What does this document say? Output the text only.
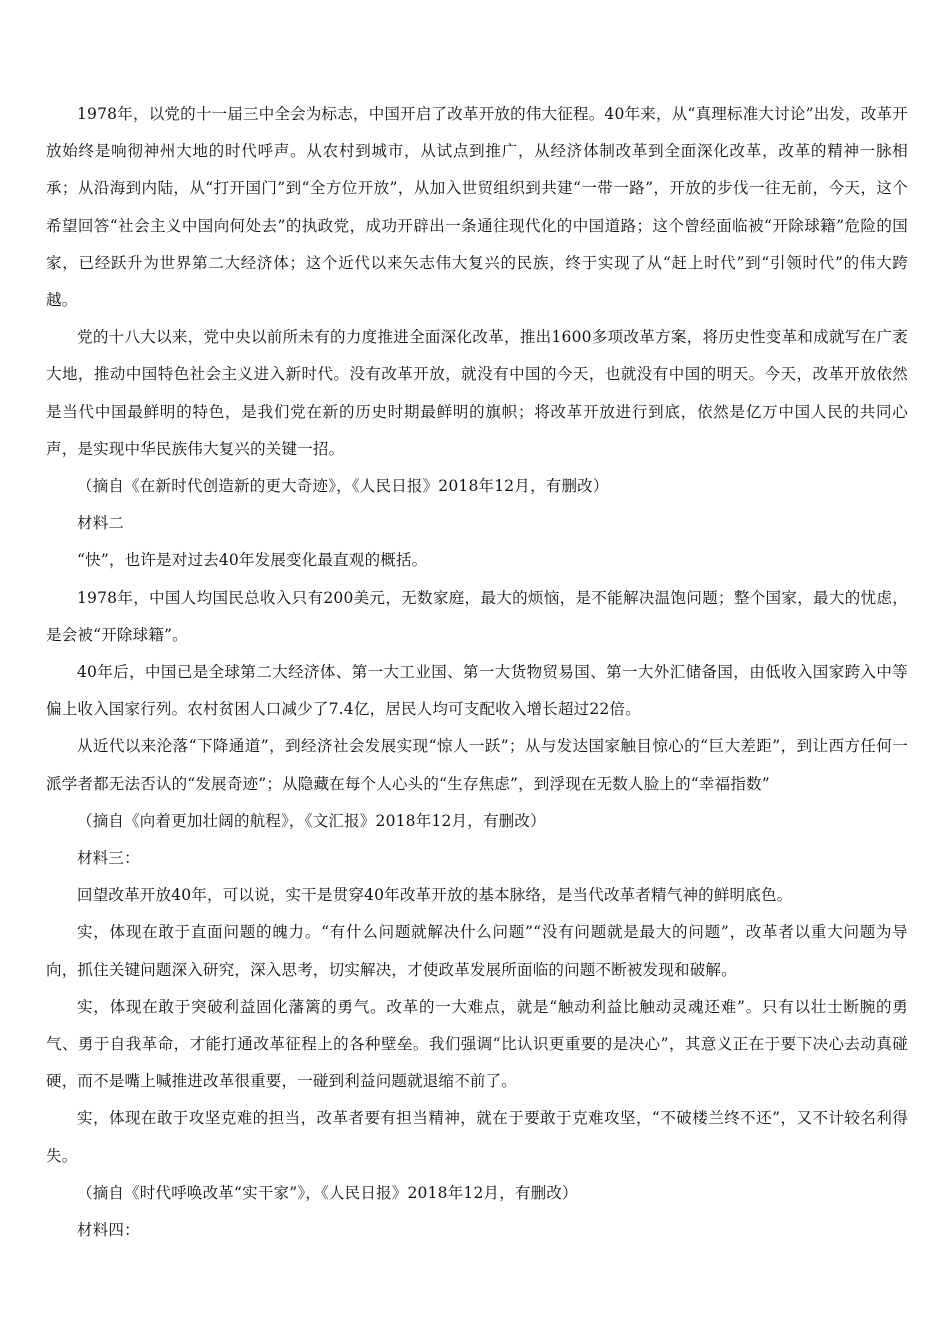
1978年，以党的十一届三中全会为标志，中国开启了改革开放的伟大征程。40年来，从“真理标准大讨论”出发，改革开放始终是响彻神州大地的时代呼声。从农村到城市，从试点到推广，从经济体制改革到全面深化改革，改革的精神一脉相承；从沿海到内陆，从“打开国门”到“全方位开放”，从加入世贸组织到共建“一带一路”，开放的步伐一往无前，今天，这个希望回答“社会主义中国向何处去”的执政党，成功开辟出一条通往现代化的中国道路；这个曾经面临被“开除球籍”危险的国家，已经跃升为世界第二大经济体；这个近代以来矢志伟大复兴的民族，终于实现了从“赶上时代”到“引领时代”的伟大跨越。

党的十八大以来，党中央以前所未有的力度推进全面深化改革，推出1600多项改革方案，将历史性变革和成就写在广袤大地，推动中国特色社会主义进入新时代。没有改革开放，就没有中国的今天，也就没有中国的明天。今天，改革开放依然是当代中国最鲜明的特色，是我们党在新的历史时期最鲜明的旗帜；将改革开放进行到底，依然是亿万中国人民的共同心声，是实现中华民族伟大复兴的关键一招。

（摘自《在新时代创造新的更大奇迹》，《人民日报》2018年12月，有删改）

材料二

“快”，也许是对过去40年发展变化最直观的概括。

1978年，中国人均国民总收入只有200美元，无数家庭，最大的烦恼，是不能解决温饱问题；整个国家，最大的忧虑，是会被“开除球籍”。

40年后，中国已是全球第二大经济体、第一大工业国、第一大货物贸易国、第一大外汇储备国，由低收入国家跨入中等偏上收入国家行列。农村贫困人口减少了7.4亿，居民人均可支配收入增长超过22倍。

从近代以来沦落“下降通道”，到经济社会发展实现“惊人一跃”；从与发达国家触目惊心的“巨大差距”，到让西方任何一派学者都无法否认的“发展奇迹”；从隐藏在每个人心头的“生存焦虑”，到浮现在无数人脸上的“幸福指数”

（摘自《向着更加壮阔的航程》，《文汇报》2018年12月，有删改）

材料三：

回望改革开放40年，可以说，实干是贯穿40年改革开放的基本脉络，是当代改革者精气神的鲜明底色。

实，体现在敢于直面问题的魄力。“有什么问题就解决什么问题”“没有问题就是最大的问题”，改革者以重大问题为导向，抓住关键问题深入研究，深入思考，切实解决，才使政革发展所面临的问题不断被发现和破解。

实，体现在敢于突破利益固化藩篱的勇气。改革的一大难点，就是“触动利益比触动灵魂还难”。只有以壮士断腕的勇气、勇于自我革命，才能打通改革征程上的各种壁垒。我们强调“比认识更重要的是决心”，其意义正在于要下决心去动真碰硬，而不是嘴上喊推进改革很重要，一碰到利益问题就退缩不前了。

实，体现在敢于攻坚克难的担当，改革者要有担当精神，就在于要敢于克难攻坚，“不破楼兰终不还”，又不计较名利得失。

（摘自《时代呼唤改革“实干家”》，《人民日报》2018年12月，有删改）

材料四：
